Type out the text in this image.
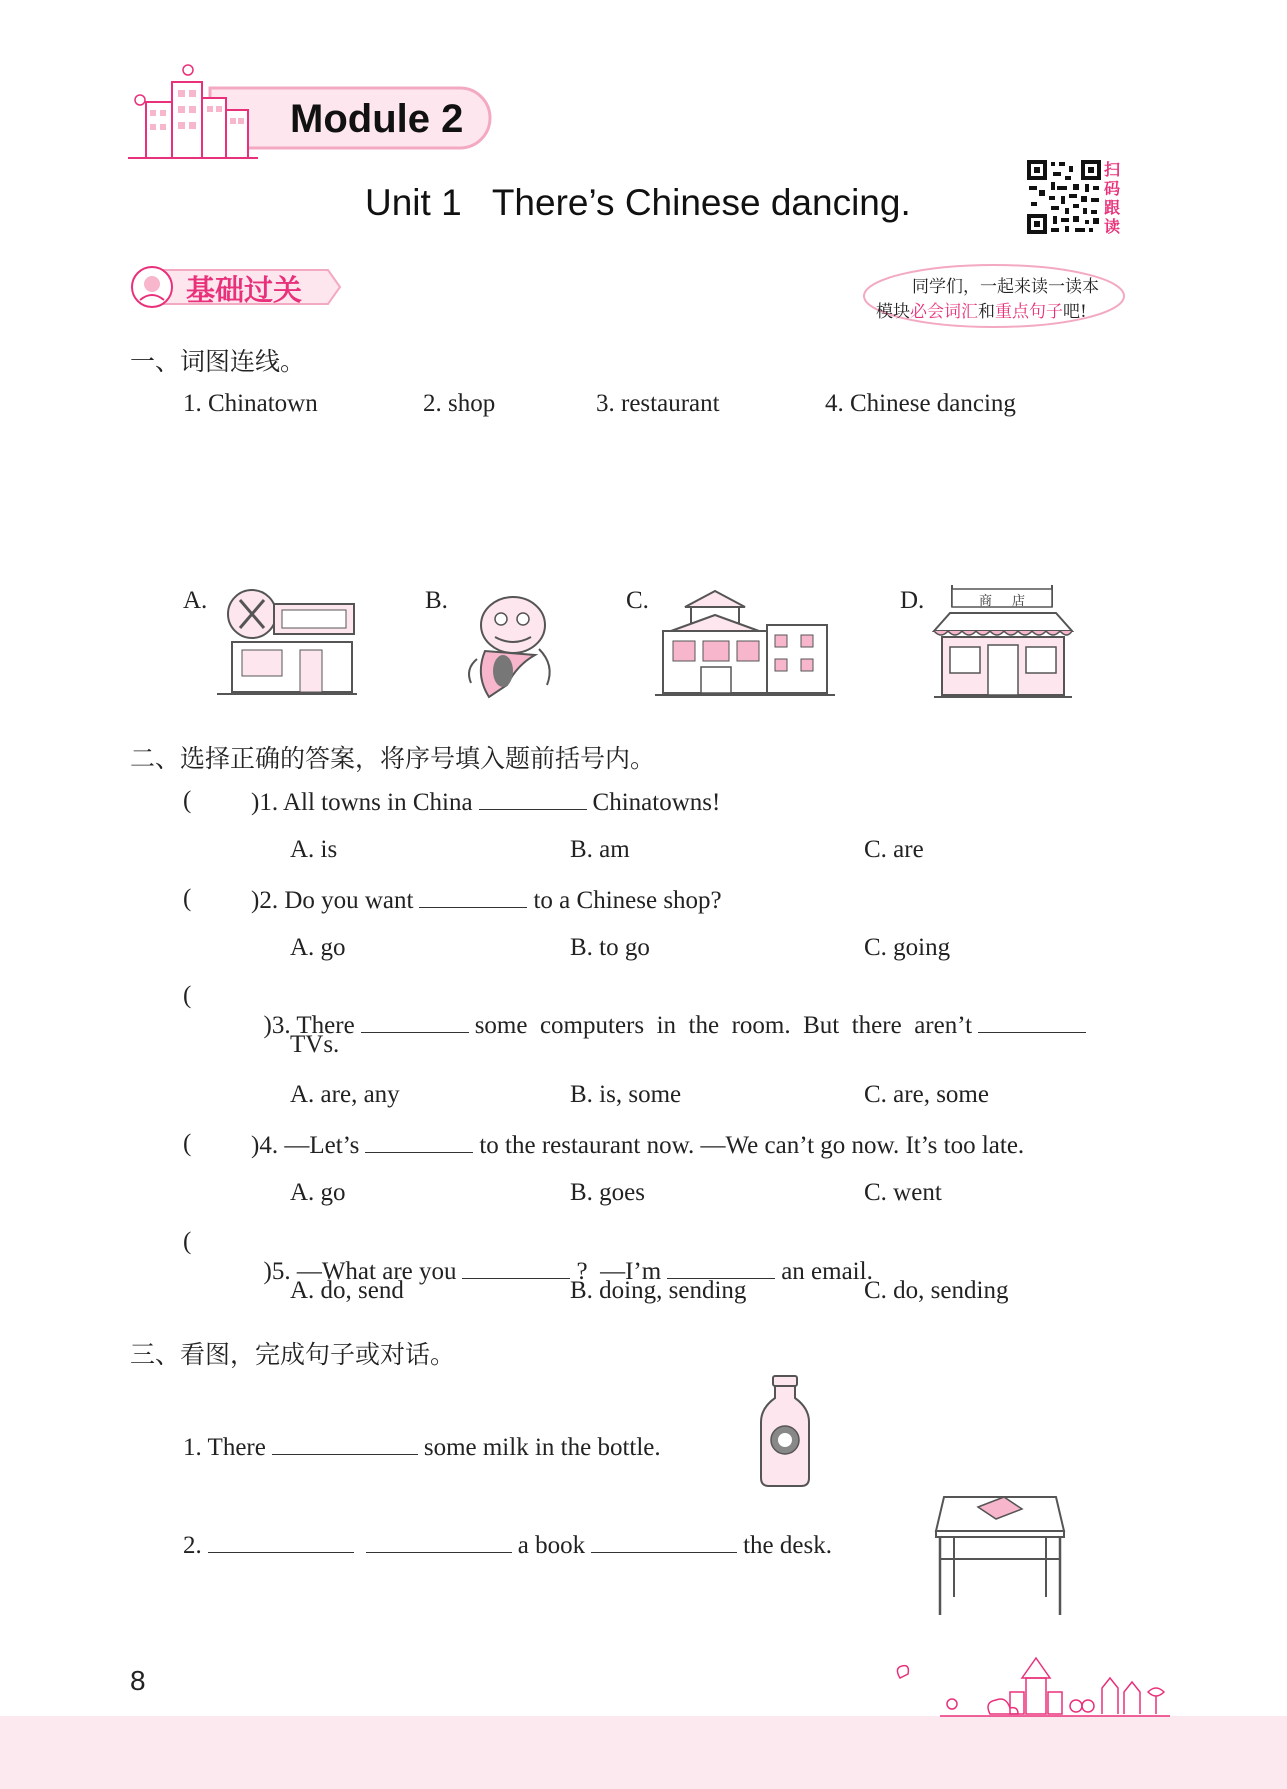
Module 2
Unit 1   There’s Chinese dancing.
扫
码
跟
读
基础过关	同学们，一起来读一读本
模块必会词汇和重点句子吧!
一、词图连线。
1. Chinatown	2. shop	3. restaurant	4. Chinese dancing
A.	B.	C.	D.	商 店
二、选择正确的答案，将序号填入题前括号内。
( )1. All towns in China	Chinatowns!
A. is	B. am	C. are
( )2. Do you want	to a Chinese shop?
A. go	B. to go	C. going
(

)3. There	some  computers  in  the  room.  But  there  aren’t

TVs.
A. are, any	B. is, some	C. are, some
( )4. —Let’s	to the restaurant now. —We can’t go now. It’s too late.
A. go	B. goes	C. went
(

)5. —What are you	?  —I’m	an email.

A. do, send	B. doing, sending	C. do, sending
三、看图，完成句子或对话。
1. There	some milk in the bottle.
2.	a book	the desk.
8
